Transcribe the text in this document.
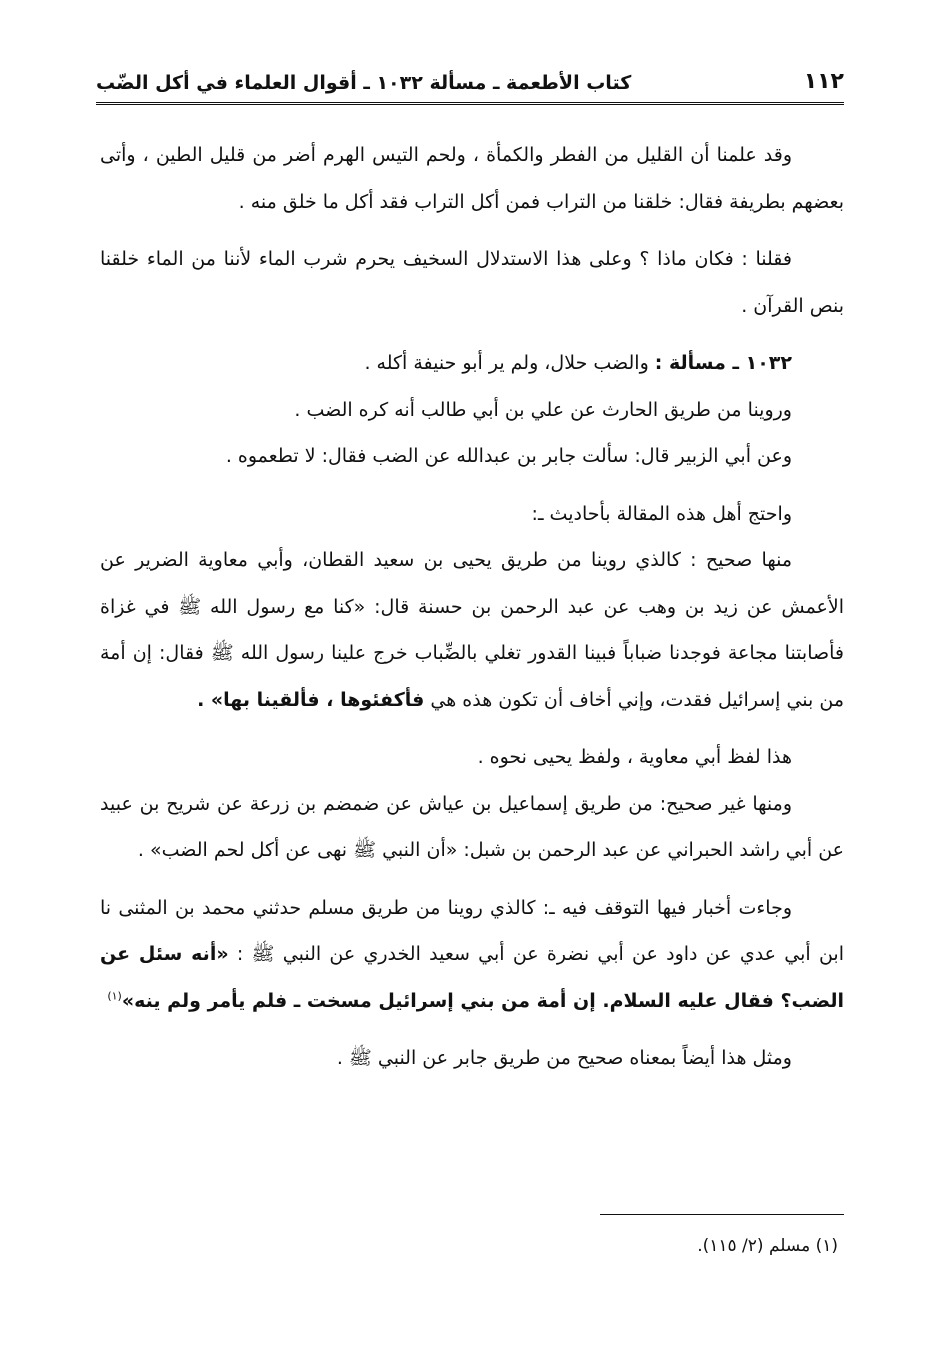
١١٢
كتاب الأطعمة ـ مسألة ١٠٣٢ ـ أقوال العلماء في أكل الضّب

وقد علمنا أن القليل من الفطر والكمأة ، ولحم التيس الهرم أضر من قليل الطين ، وأتى بعضهم بطريفة فقال: خلقنا من التراب فمن أكل التراب فقد أكل ما خلق منه .

فقلنا : فكان ماذا ؟ وعلى هذا الاستدلال السخيف يحرم شرب الماء لأننا من الماء خلقنا بنص القرآن .

١٠٣٢ ـ مسألة : والضب حلال، ولم ير أبو حنيفة أكله .

وروينا من طريق الحارث عن علي بن أبي طالب أنه كره الضب .

وعن أبي الزبير قال: سألت جابر بن عبدالله عن الضب فقال: لا تطعموه .

واحتج أهل هذه المقالة بأحاديث ـ:

منها صحيح : كالذي روينا من طريق يحيى بن سعيد القطان، وأبي معاوية الضرير عن الأعمش عن زيد بن وهب عن عبد الرحمن بن حسنة قال: «كنا مع رسول الله ﷺ في غزاة فأصابتنا مجاعة فوجدنا ضباباً فبينا القدور تغلي بالضِّباب خرج علينا رسول الله ﷺ فقال: إن أمة من بني إسرائيل فقدت، وإني أخاف أن تكون هذه هي فأكفئوها ، فألقينا بها» .

هذا لفظ أبي معاوية ، ولفظ يحيى نحوه .

ومنها غير صحيح: من طريق إسماعيل بن عياش عن ضمضم بن زرعة عن شريح بن عبيد عن أبي راشد الحبراني عن عبد الرحمن بن شبل: «أن النبي ﷺ نهى عن أكل لحم الضب» .

وجاءت أخبار فيها التوقف فيه ـ: كالذي روينا من طريق مسلم حدثني محمد بن المثنى نا ابن أبي عدي عن داود عن أبي نضرة عن أبي سعيد الخدري عن النبي ﷺ : «أنه سئل عن الضب؟ فقال عليه السلام. إن أمة من بني إسرائيل مسخت ـ فلم يأمر ولم ينه»$^{(١)}$

ومثل هذا أيضاً بمعناه صحيح من طريق جابر عن النبي ﷺ .

(١) مسلم (٢/ ١١٥).
